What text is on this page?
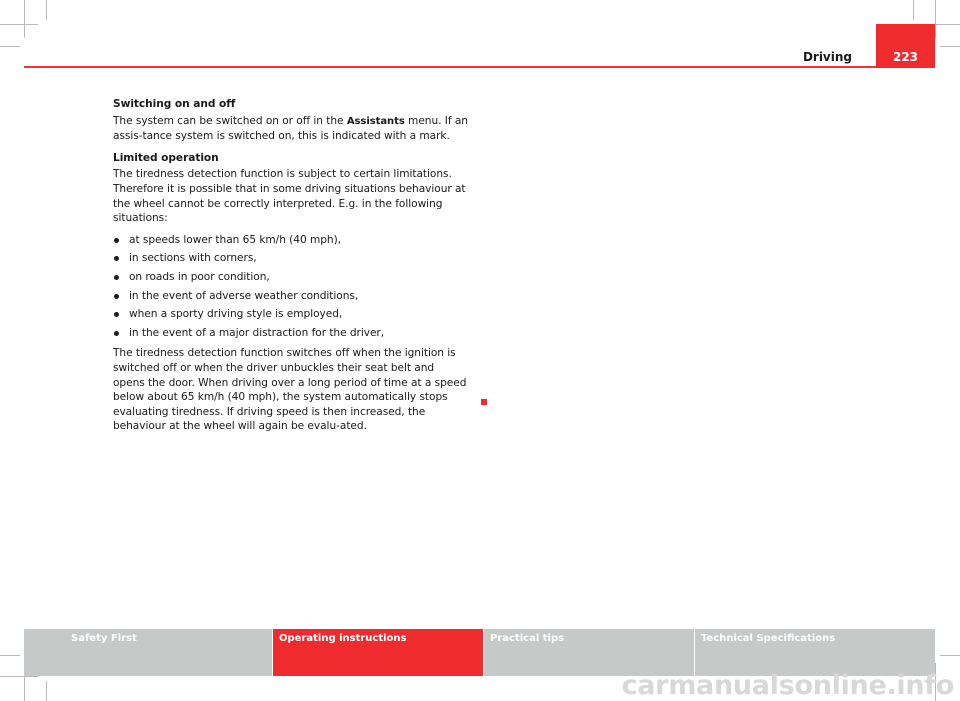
Driving	223
Switching on and off

The system can be switched on or off in the Assistants menu. If an assis-tance system is switched on, this is indicated with a mark.

Limited operation

The tiredness detection function is subject to certain limitations. Therefore it is possible that in some driving situations behaviour at the wheel cannot be correctly interpreted. E.g. in the following situations:

at speeds lower than 65 km/h (40 mph),
in sections with corners,
on roads in poor condition,
in the event of adverse weather conditions,
when a sporty driving style is employed,
in the event of a major distraction for the driver,

The tiredness detection function switches off when the ignition is switched off or when the driver unbuckles their seat belt and opens the door. When driving over a long period of time at a speed below about 65 km/h (40 mph), the system automatically stops evaluating tiredness. If driving speed is then increased, the behaviour at the wheel will again be evalu-ated.

Safety First	Operating instructions	Practical tips	Technical Specifications
carmanualsonline.info
